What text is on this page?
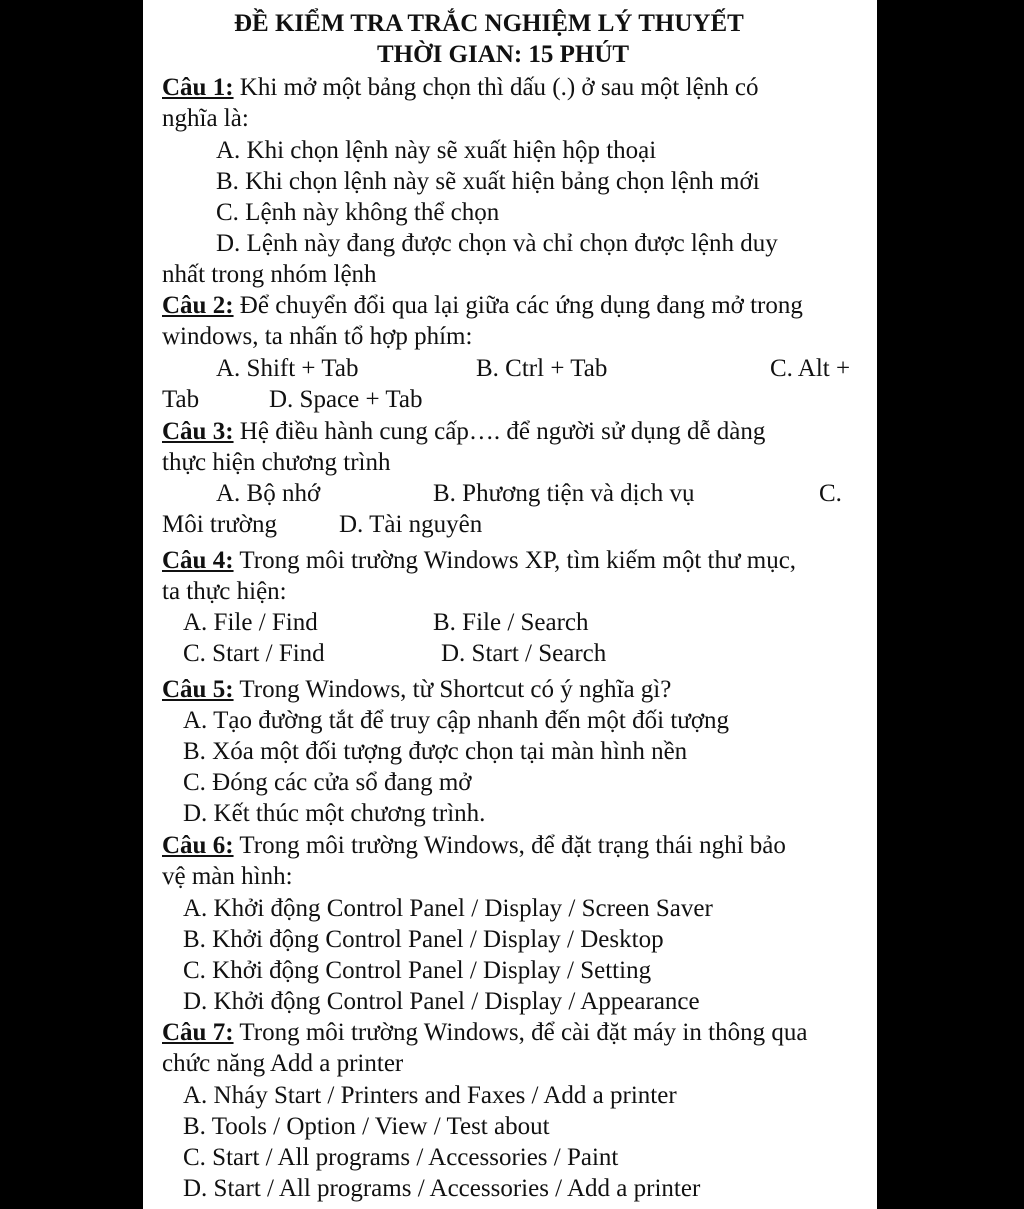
ĐỀ KIỂM TRA TRẮC NGHIỆM LÝ THUYẾT
THỜI GIAN: 15 PHÚT
Câu 1: Khi mở một bảng chọn thì dấu (.) ở sau một lệnh có
nghĩa là:
A. Khi chọn lệnh này sẽ xuất hiện hộp thoại
B. Khi chọn lệnh này sẽ xuất hiện bảng chọn lệnh mới
C. Lệnh này không thể chọn
D. Lệnh này đang được chọn và chỉ chọn được lệnh duy
nhất trong nhóm lệnh
Câu 2: Để chuyển đổi qua lại giữa các ứng dụng đang mở trong
windows, ta nhấn tổ hợp phím:
A. Shift + Tab	B. Ctrl + Tab	C. Alt +
Tab	D. Space + Tab
Câu 3: Hệ điều hành cung cấp…. để người sử dụng dễ dàng
thực hiện chương trình
A. Bộ nhớ	B. Phương tiện và dịch vụ	C.
Môi trường D. Tài nguyên
Câu 4: Trong môi trường Windows XP, tìm kiếm một thư mục,
ta thực hiện:
A. File / Find	B. File / Search
C. Start / Find	D. Start / Search
Câu 5: Trong Windows, từ Shortcut có ý nghĩa gì?
A. Tạo đường tắt để truy cập nhanh đến một đối tượng
B. Xóa một đối tượng được chọn tại màn hình nền
C. Đóng các cửa sổ đang mở
D. Kết thúc một chương trình.
Câu 6: Trong môi trường Windows, để đặt trạng thái nghỉ bảo
vệ màn hình:
A. Khởi động Control Panel / Display / Screen Saver
B. Khởi động Control Panel / Display / Desktop
C. Khởi động Control Panel / Display / Setting
D. Khởi động Control Panel / Display / Appearance
Câu 7: Trong môi trường Windows, để cài đặt máy in thông qua
chức năng Add a printer
A. Nháy Start / Printers and Faxes / Add a printer
B. Tools / Option / View / Test about
C. Start / All programs / Accessories / Paint
D. Start / All programs / Accessories / Add a printer
